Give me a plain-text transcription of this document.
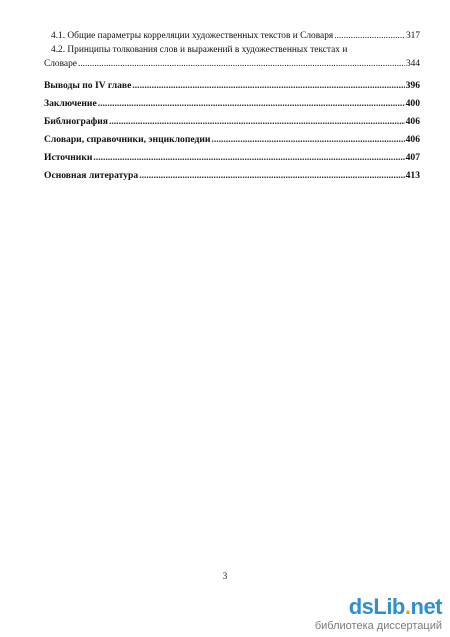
4.1. Общие параметры корреляции художественных текстов и Словаря .....	317
4.2. Принципы толкования слов и выражений в художественных текстах и
Словаре .....	344
Выводы по IV главе .....	396
Заключение .....	400
Библиография .....	406
Словари, справочники, энциклопедии .....	406
Источники .....	407
Основная литература .....	413
3
dsLib.net
библиотека диссертаций
